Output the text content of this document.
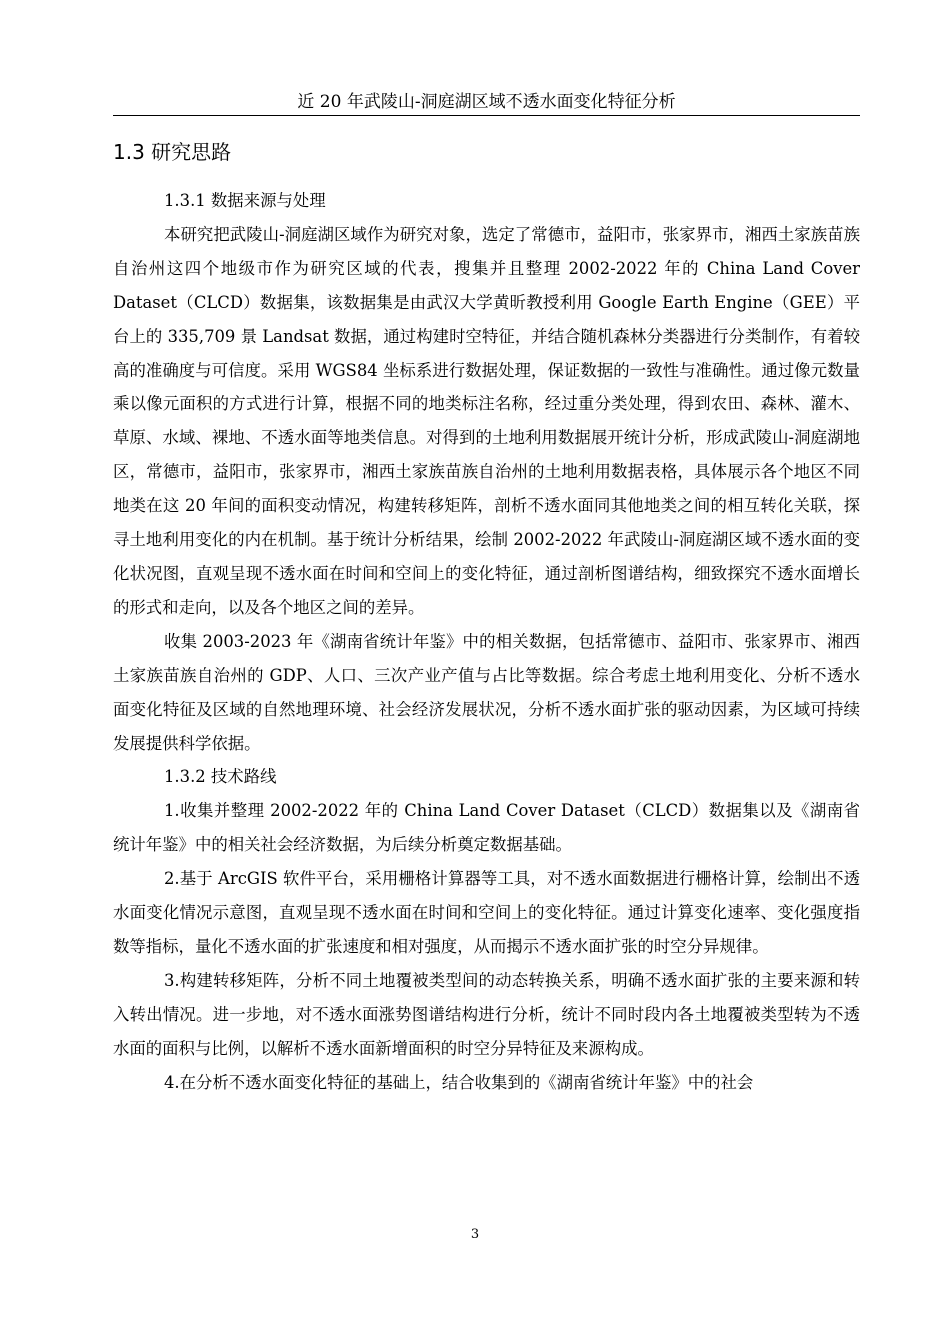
近 20 年武陵山-洞庭湖区域不透水面变化特征分析
1.3 研究思路

1.3.1 数据来源与处理

本研究把武陵山-洞庭湖区域作为研究对象，选定了常德市，益阳市，张家界市，湘西土家族苗族自治州这四个地级市作为研究区域的代表，搜集并且整理 2002-2022 年的 China Land Cover Dataset（CLCD）数据集，该数据集是由武汉大学黄昕教授利用 Google Earth Engine（GEE）平台上的 335,709 景 Landsat 数据，通过构建时空特征，并结合随机森林分类器进行分类制作，有着较高的准确度与可信度。采用 WGS84 坐标系进行数据处理，保证数据的一致性与准确性。通过像元数量乘以像元面积的方式进行计算，根据不同的地类标注名称，经过重分类处理，得到农田、森林、灌木、草原、水域、裸地、不透水面等地类信息。对得到的土地利用数据展开统计分析，形成武陵山-洞庭湖地区，常德市，益阳市，张家界市，湘西土家族苗族自治州的土地利用数据表格，具体展示各个地区不同地类在这 20 年间的面积变动情况，构建转移矩阵，剖析不透水面同其他地类之间的相互转化关联，探寻土地利用变化的内在机制。基于统计分析结果，绘制 2002-2022 年武陵山-洞庭湖区域不透水面的变化状况图，直观呈现不透水面在时间和空间上的变化特征，通过剖析图谱结构，细致探究不透水面增长的形式和走向，以及各个地区之间的差异。

收集 2003-2023 年《湖南省统计年鉴》中的相关数据，包括常德市、益阳市、张家界市、湘西土家族苗族自治州的 GDP、人口、三次产业产值与占比等数据。综合考虑土地利用变化、分析不透水面变化特征及区域的自然地理环境、社会经济发展状况，分析不透水面扩张的驱动因素，为区域可持续发展提供科学依据。

1.3.2 技术路线

1.收集并整理 2002-2022 年的 China Land Cover Dataset（CLCD）数据集以及《湖南省统计年鉴》中的相关社会经济数据，为后续分析奠定数据基础。

2.基于 ArcGIS 软件平台，采用栅格计算器等工具，对不透水面数据进行栅格计算，绘制出不透水面变化情况示意图，直观呈现不透水面在时间和空间上的变化特征。通过计算变化速率、变化强度指数等指标，量化不透水面的扩张速度和相对强度，从而揭示不透水面扩张的时空分异规律。

3.构建转移矩阵，分析不同土地覆被类型间的动态转换关系，明确不透水面扩张的主要来源和转入转出情况。进一步地，对不透水面涨势图谱结构进行分析，统计不同时段内各土地覆被类型转为不透水面的面积与比例，以解析不透水面新增面积的时空分异特征及来源构成。

4.在分析不透水面变化特征的基础上，结合收集到的《湖南省统计年鉴》中的社会

3
